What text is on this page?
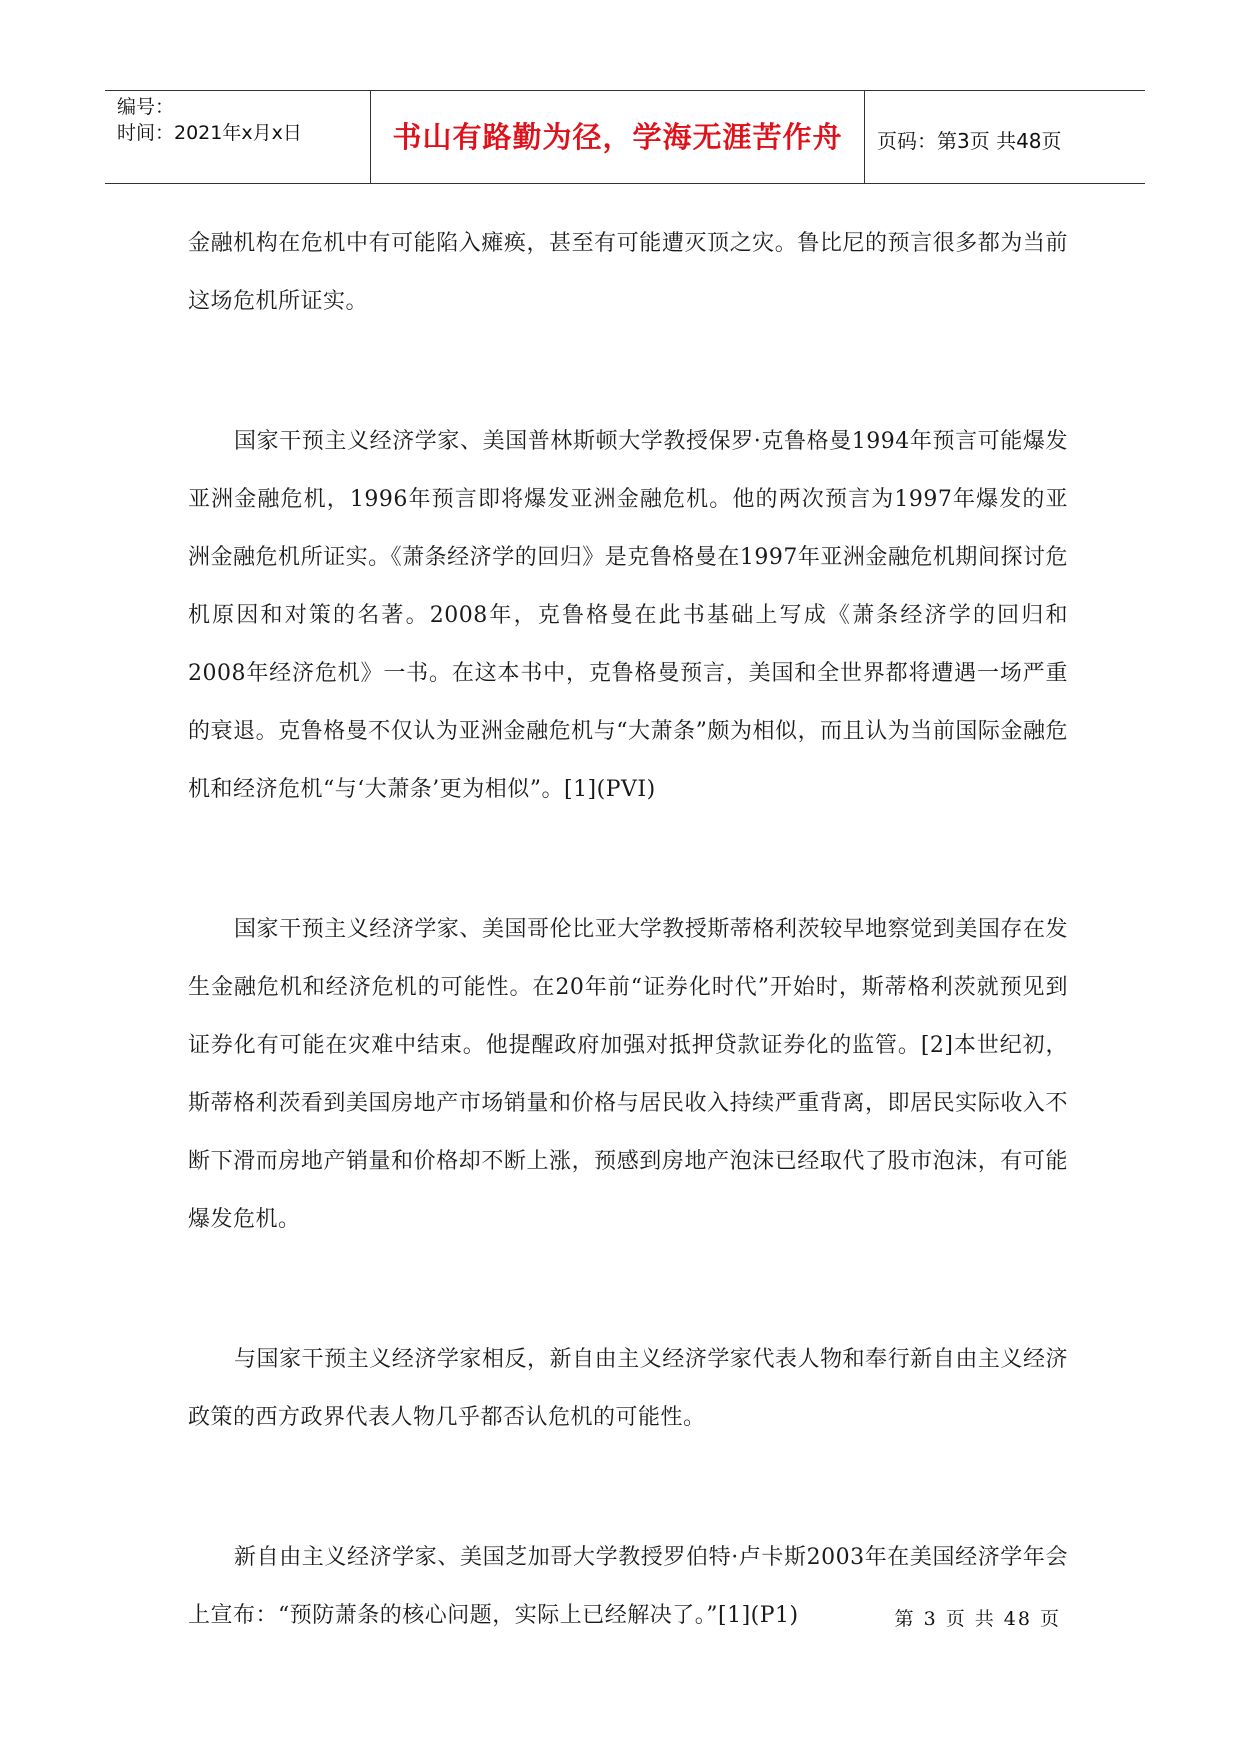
编号：
时间：2021年x月x日	书山有路勤为径，学海无涯苦作舟	页码：第3页 共48页

金融机构在危机中有可能陷入瘫痪，甚至有可能遭灭顶之灾。鲁比尼的预言很多都为当前这场危机所证实。

国家干预主义经济学家、美国普林斯顿大学教授保罗·克鲁格曼1994年预言可能爆发亚洲金融危机，1996年预言即将爆发亚洲金融危机。他的两次预言为1997年爆发的亚洲金融危机所证实。《萧条经济学的回归》是克鲁格曼在1997年亚洲金融危机期间探讨危机原因和对策的名著。2008年，克鲁格曼在此书基础上写成《萧条经济学的回归和2008年经济危机》一书。在这本书中，克鲁格曼预言，美国和全世界都将遭遇一场严重的衰退。克鲁格曼不仅认为亚洲金融危机与“大萧条”颇为相似，而且认为当前国际金融危机和经济危机“与‘大萧条’更为相似”。[1](PVI)

国家干预主义经济学家、美国哥伦比亚大学教授斯蒂格利茨较早地察觉到美国存在发生金融危机和经济危机的可能性。在20年前“证券化时代”开始时，斯蒂格利茨就预见到证券化有可能在灾难中结束。他提醒政府加强对抵押贷款证券化的监管。[2]本世纪初，斯蒂格利茨看到美国房地产市场销量和价格与居民收入持续严重背离，即居民实际收入不断下滑而房地产销量和价格却不断上涨，预感到房地产泡沫已经取代了股市泡沫，有可能爆发危机。

与国家干预主义经济学家相反，新自由主义经济学家代表人物和奉行新自由主义经济政策的西方政界代表人物几乎都否认危机的可能性。

新自由主义经济学家、美国芝加哥大学教授罗伯特·卢卡斯2003年在美国经济学年会上宣布：“预防萧条的核心问题，实际上已经解决了。”[1](P1)	第 3 页 共 48 页
